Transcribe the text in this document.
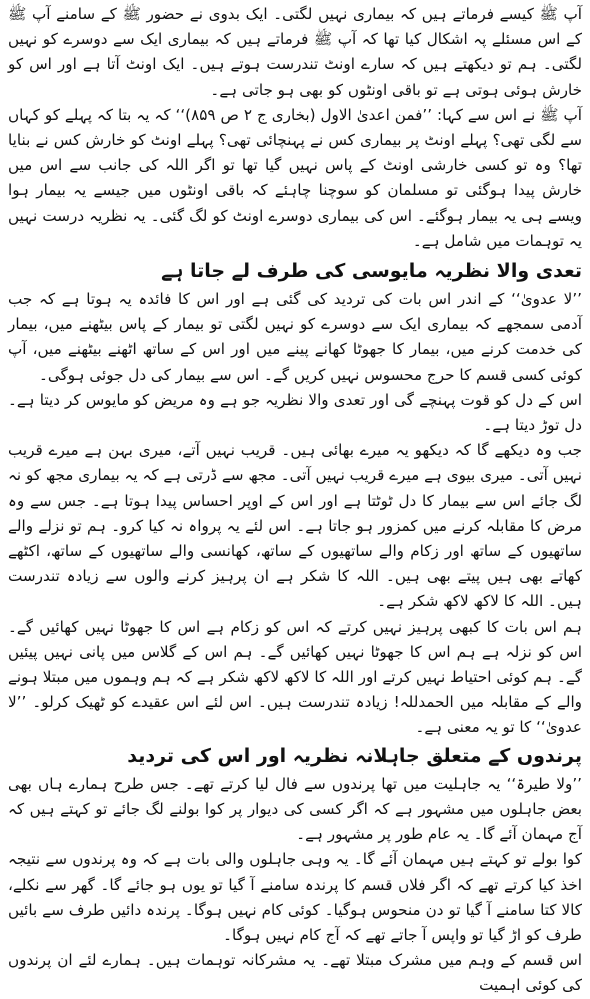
آپ ﷺ کیسے فرماتے ہیں کہ بیماری نہیں لگتی۔ ایک بدوی نے حضور ﷺ کے سامنے آپ ﷺ کے اس مسئلے پہ اشکال کیا تھا کہ آپ ﷺ فرماتے ہیں کہ بیماری ایک سے دوسرے کو نہیں لگتی۔ ہم تو دیکھتے ہیں کہ سارے اونٹ تندرست ہوتے ہیں۔ ایک اونٹ آتا ہے اور اس کو خارش ہوئی ہوتی ہے تو باقی اونٹوں کو بھی ہو جاتی ہے۔

آپ ﷺ نے اس سے کہا: ’’فمن اعدیٰ الاول (بخاری ج ۲ ص ۸۵۹)‘‘ کہ یہ بتا کہ پہلے کو کہاں سے لگی تھی؟ پہلے اونٹ پر بیماری کس نے پہنچائی تھی؟ پہلے اونٹ کو خارش کس نے بنایا تھا؟ وہ تو کسی خارشی اونٹ کے پاس نہیں گیا تھا تو اگر اللہ کی جانب سے اس میں خارش پیدا ہوگئی تو مسلمان کو سوچنا چاہئے کہ باقی اونٹوں میں جیسے یہ بیمار ہوا ویسے ہی یہ بیمار ہوگئے۔ اس کی بیماری دوسرے اونٹ کو لگ گئی۔ یہ نظریہ درست نہیں یہ توہمات میں شامل ہے۔

تعدی والا نظریہ مایوسی کی طرف لے جاتا ہے

’’لا عدویٰ‘‘ کے اندر اس بات کی تردید کی گئی ہے اور اس کا فائدہ یہ ہوتا ہے کہ جب آدمی سمجھے کہ بیماری ایک سے دوسرے کو نہیں لگتی تو بیمار کے پاس بیٹھنے میں، بیمار کی خدمت کرنے میں، بیمار کا جھوٹا کھانے پینے میں اور اس کے ساتھ اٹھنے بیٹھنے میں، آپ کوئی کسی قسم کا حرج محسوس نہیں کریں گے۔ اس سے بیمار کی دل جوئی ہوگی۔

اس کے دل کو قوت پہنچے گی اور تعدی والا نظریہ جو ہے وہ مریض کو مایوس کر دیتا ہے۔ دل توڑ دیتا ہے۔

جب وہ دیکھے گا کہ دیکھو یہ میرے بھائی ہیں۔ قریب نہیں آتے، میری بہن ہے میرے قریب نہیں آتی۔ میری بیوی ہے میرے قریب نہیں آتی۔ مجھ سے ڈرتی ہے کہ یہ بیماری مجھ کو نہ لگ جائے اس سے بیمار کا دل ٹوٹتا ہے اور اس کے اوپر احساس پیدا ہوتا ہے۔ جس سے وہ مرض کا مقابلہ کرنے میں کمزور ہو جاتا ہے۔ اس لئے یہ پرواہ نہ کیا کرو۔ ہم تو نزلے والے ساتھیوں کے ساتھ اور زکام والے ساتھیوں کے ساتھ، کھانسی والے ساتھیوں کے ساتھ، اکٹھے کھاتے بھی ہیں پیتے بھی ہیں۔ اللہ کا شکر ہے ان پرہیز کرنے والوں سے زیادہ تندرست ہیں۔ اللہ کا لاکھ لاکھ شکر ہے۔

ہم اس بات کا کبھی پرہیز نہیں کرتے کہ اس کو زکام ہے اس کا جھوٹا نہیں کھائیں گے۔ اس کو نزلہ ہے ہم اس کا جھوٹا نہیں کھائیں گے۔ ہم اس کے گلاس میں پانی نہیں پیئیں گے۔ ہم کوئی احتیاط نہیں کرتے اور اللہ کا لاکھ لاکھ شکر ہے کہ ہم وہموں میں مبتلا ہونے والے کے مقابلہ میں الحمدللہ! زیادہ تندرست ہیں۔ اس لئے اس عقیدے کو ٹھیک کرلو۔ ’’لا عدویٰ‘‘ کا تو یہ معنی ہے۔

پرندوں کے متعلق جاہلانہ نظریہ اور اس کی تردید

’’ولا طیرۃ‘‘ یہ جاہلیت میں تھا پرندوں سے فال لیا کرتے تھے۔ جس طرح ہمارے ہاں بھی بعض جاہلوں میں مشہور ہے کہ اگر کسی کی دیوار پر کوا بولنے لگ جائے تو کہتے ہیں کہ آج مہمان آئے گا۔ یہ عام طور پر مشہور ہے۔

کوا بولے تو کہتے ہیں مہمان آئے گا۔ یہ وہی جاہلوں والی بات ہے کہ وہ پرندوں سے نتیجہ اخذ کیا کرتے تھے کہ اگر فلاں قسم کا پرندہ سامنے آ گیا تو یوں ہو جائے گا۔ گھر سے نکلے، کالا کتا سامنے آ گیا تو دن منحوس ہوگیا۔ کوئی کام نہیں ہوگا۔ پرندہ دائیں طرف سے بائیں طرف کو اڑ گیا تو واپس آ جاتے تھے کہ آج کام نہیں ہوگا۔

اس قسم کے وہم میں مشرک مبتلا تھے۔ یہ مشرکانہ توہمات ہیں۔ ہمارے لئے ان پرندوں کی کوئی اہمیت
